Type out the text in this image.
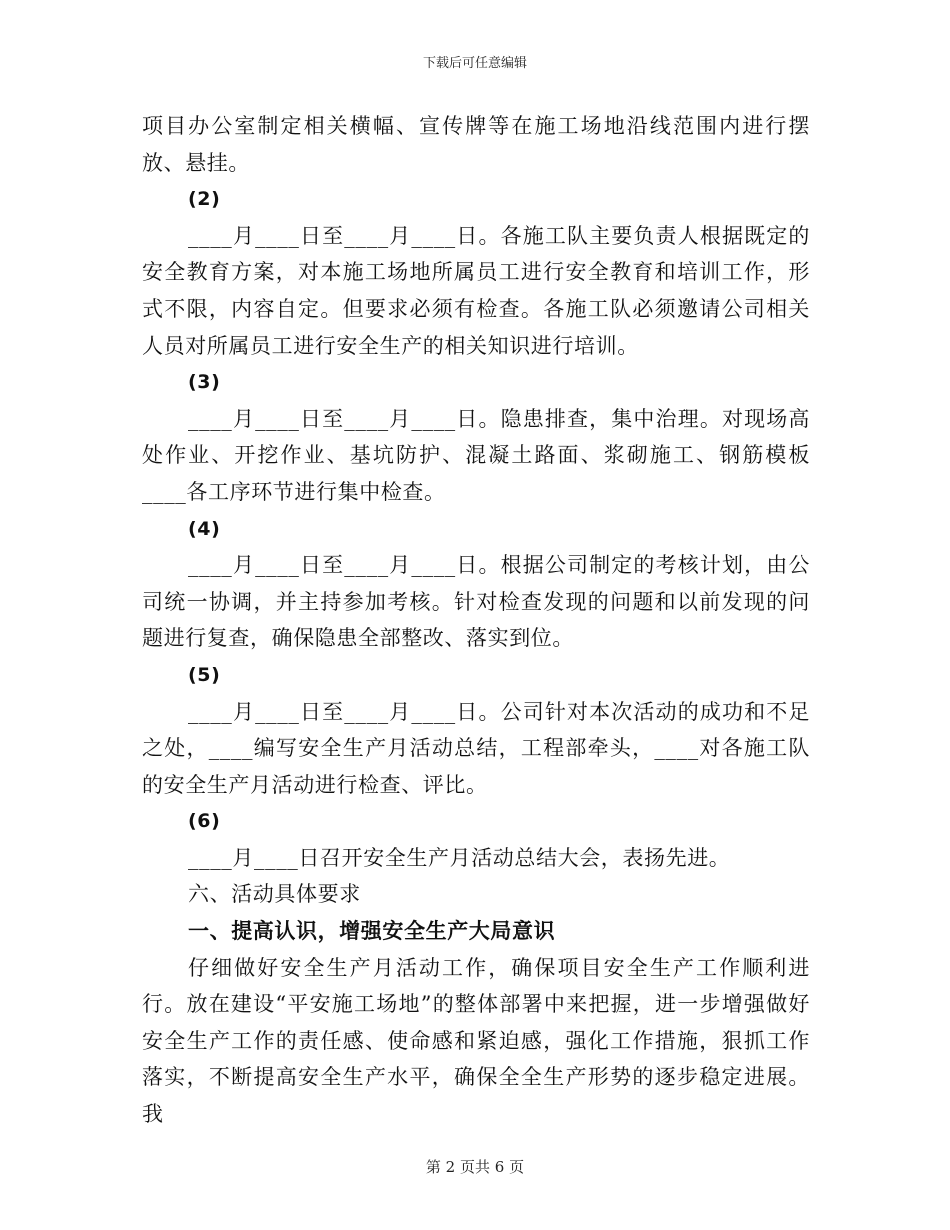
下载后可任意编辑

项目办公室制定相关横幅、宣传牌等在施工场地沿线范围内进行摆放、悬挂。

(2)

____月____日至____月____日。各施工队主要负责人根据既定的安全教育方案，对本施工场地所属员工进行安全教育和培训工作，形式不限，内容自定。但要求必须有检查。各施工队必须邀请公司相关人员对所属员工进行安全生产的相关知识进行培训。

(3)

____月____日至____月____日。隐患排查，集中治理。对现场高处作业、开挖作业、基坑防护、混凝土路面、浆砌施工、钢筋模板____各工序环节进行集中检查。

(4)

____月____日至____月____日。根据公司制定的考核计划，由公司统一协调，并主持参加考核。针对检查发现的问题和以前发现的问题进行复查，确保隐患全部整改、落实到位。

(5)

____月____日至____月____日。公司针对本次活动的成功和不足之处，____编写安全生产月活动总结，工程部牵头，____对各施工队的安全生产月活动进行检查、评比。

(6)

____月____日召开安全生产月活动总结大会，表扬先进。

六、活动具体要求

一、提高认识，增强安全生产大局意识

仔细做好安全生产月活动工作，确保项目安全生产工作顺利进行。放在建设“平安施工场地”的整体部署中来把握，进一步增强做好安全生产工作的责任感、使命感和紧迫感，强化工作措施，狠抓工作落实，不断提高安全生产水平，确保全全生产形势的逐步稳定进展。我

第 2 页共 6 页
